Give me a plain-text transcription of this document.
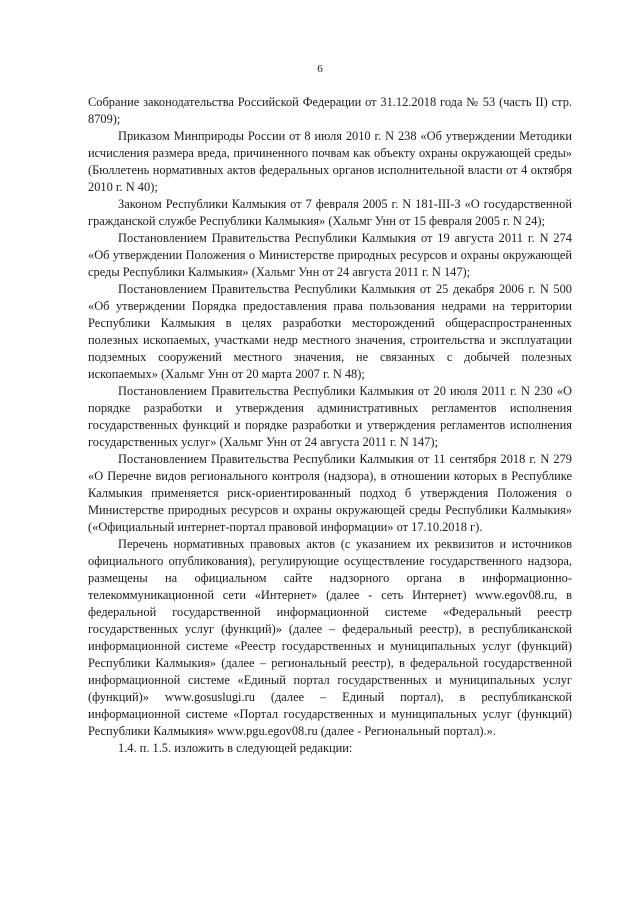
6

Собрание законодательства Российской Федерации от 31.12.2018 года № 53 (часть II) стр. 8709);

Приказом Минприроды России от 8 июля 2010 г. N 238 «Об утверждении Методики исчисления размера вреда, причиненного почвам как объекту охраны окружающей среды» (Бюллетень нормативных актов федеральных органов исполнительной власти от 4 октября 2010 г. N 40);

Законом Республики Калмыкия от 7 февраля 2005 г. N 181-III-З «О государственной гражданской службе Республики Калмыкия» (Хальмг Унн от 15 февраля 2005 г. N 24);

Постановлением Правительства Республики Калмыкия от 19 августа 2011 г. N 274 «Об утверждении Положения о Министерстве природных ресурсов и охраны окружающей среды Республики Калмыкия» (Хальмг Унн от 24 августа 2011 г. N 147);

Постановлением Правительства Республики Калмыкия от 25 декабря 2006 г. N 500 «Об утверждении Порядка предоставления права пользования недрами на территории Республики Калмыкия в целях разработки месторождений общераспространенных полезных ископаемых, участками недр местного значения, строительства и эксплуатации подземных сооружений местного значения, не связанных с добычей полезных ископаемых» (Хальмг Унн от 20 марта 2007 г. N 48);

Постановлением Правительства Республики Калмыкия от 20 июля 2011 г. N 230 «О порядке разработки и утверждения административных регламентов исполнения государственных функций и порядке разработки и утверждения регламентов исполнения государственных услуг» (Хальмг Унн от 24 августа 2011 г. N 147);

Постановлением Правительства Республики Калмыкия от 11 сентября 2018 г. N 279 «О Перечне видов регионального контроля (надзора), в отношении которых в Республике Калмыкия применяется риск-ориентированный подход б утверждения Положения о Министерстве природных ресурсов и охраны окружающей среды Республики Калмыкия» («Официальный интернет-портал правовой информации» от 17.10.2018 г).

Перечень нормативных правовых актов (с указанием их реквизитов и источников официального опубликования), регулирующие осуществление государственного надзора, размещены на официальном сайте надзорного органа в информационно-телекоммуникационной сети «Интернет» (далее - сеть Интернет) www.egov08.ru, в федеральной государственной информационной системе «Федеральный реестр государственных услуг (функций)» (далее – федеральный реестр), в республиканской информационной системе «Реестр государственных и муниципальных услуг (функций) Республики Калмыкия» (далее – региональный реестр), в федеральной государственной информационной системе «Единый портал государственных и муниципальных услуг (функций)» www.gosuslugi.ru (далее – Единый портал), в республиканской информационной системе «Портал государственных и муниципальных услуг (функций) Республики Калмыкия» www.pgu.egov08.ru (далее - Региональный портал).».

1.4. п. 1.5. изложить в следующей редакции:
